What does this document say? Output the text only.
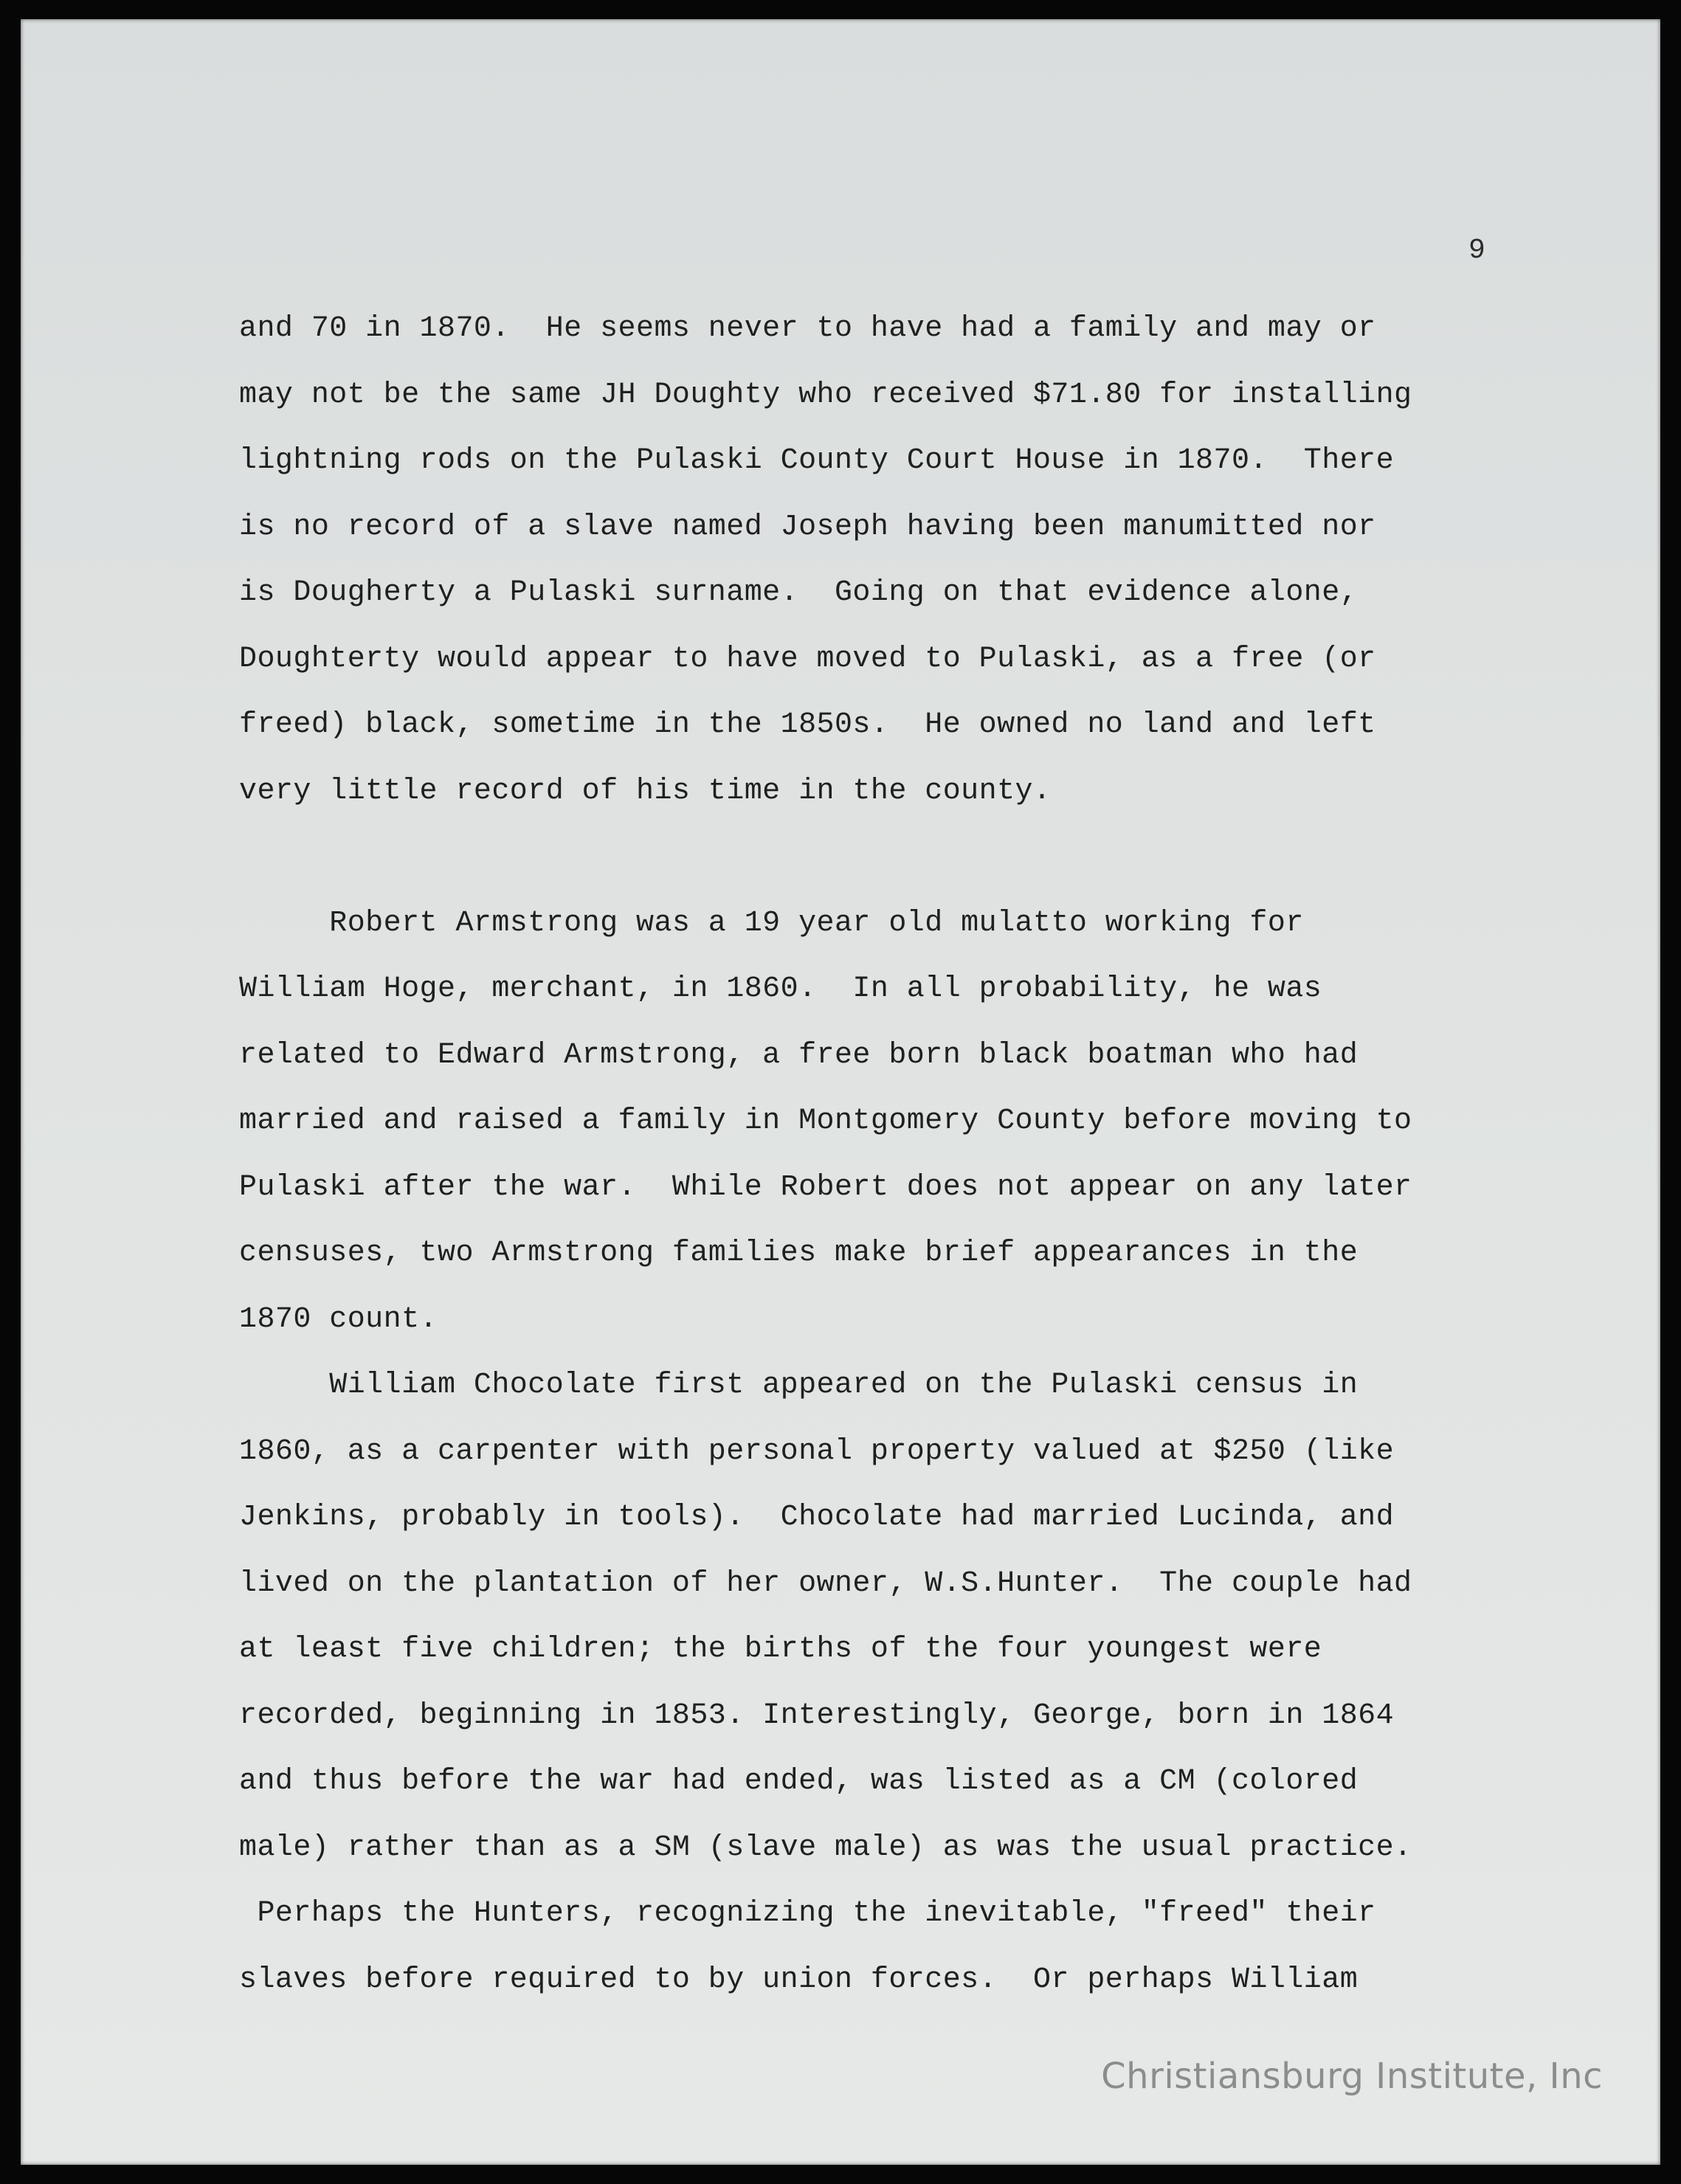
9
and 70 in 1870.  He seems never to have had a family and may or
may not be the same JH Doughty who received $71.80 for installing
lightning rods on the Pulaski County Court House in 1870.  There
is no record of a slave named Joseph having been manumitted nor
is Dougherty a Pulaski surname.  Going on that evidence alone,
Doughterty would appear to have moved to Pulaski, as a free (or
freed) black, sometime in the 1850s.  He owned no land and left
very little record of his time in the county.
Robert Armstrong was a 19 year old mulatto working for
William Hoge, merchant, in 1860.  In all probability, he was
related to Edward Armstrong, a free born black boatman who had
married and raised a family in Montgomery County before moving to
Pulaski after the war.  While Robert does not appear on any later
censuses, two Armstrong families make brief appearances in the
1870 count.
William Chocolate first appeared on the Pulaski census in
1860, as a carpenter with personal property valued at $250 (like
Jenkins, probably in tools).  Chocolate had married Lucinda, and
lived on the plantation of her owner, W.S.Hunter.  The couple had
at least five children; the births of the four youngest were
recorded, beginning in 1853. Interestingly, George, born in 1864
and thus before the war had ended, was listed as a CM (colored
male) rather than as a SM (slave male) as was the usual practice.
Perhaps the Hunters, recognizing the inevitable, "freed" their
slaves before required to by union forces.  Or perhaps William
Christiansburg Institute, Inc
